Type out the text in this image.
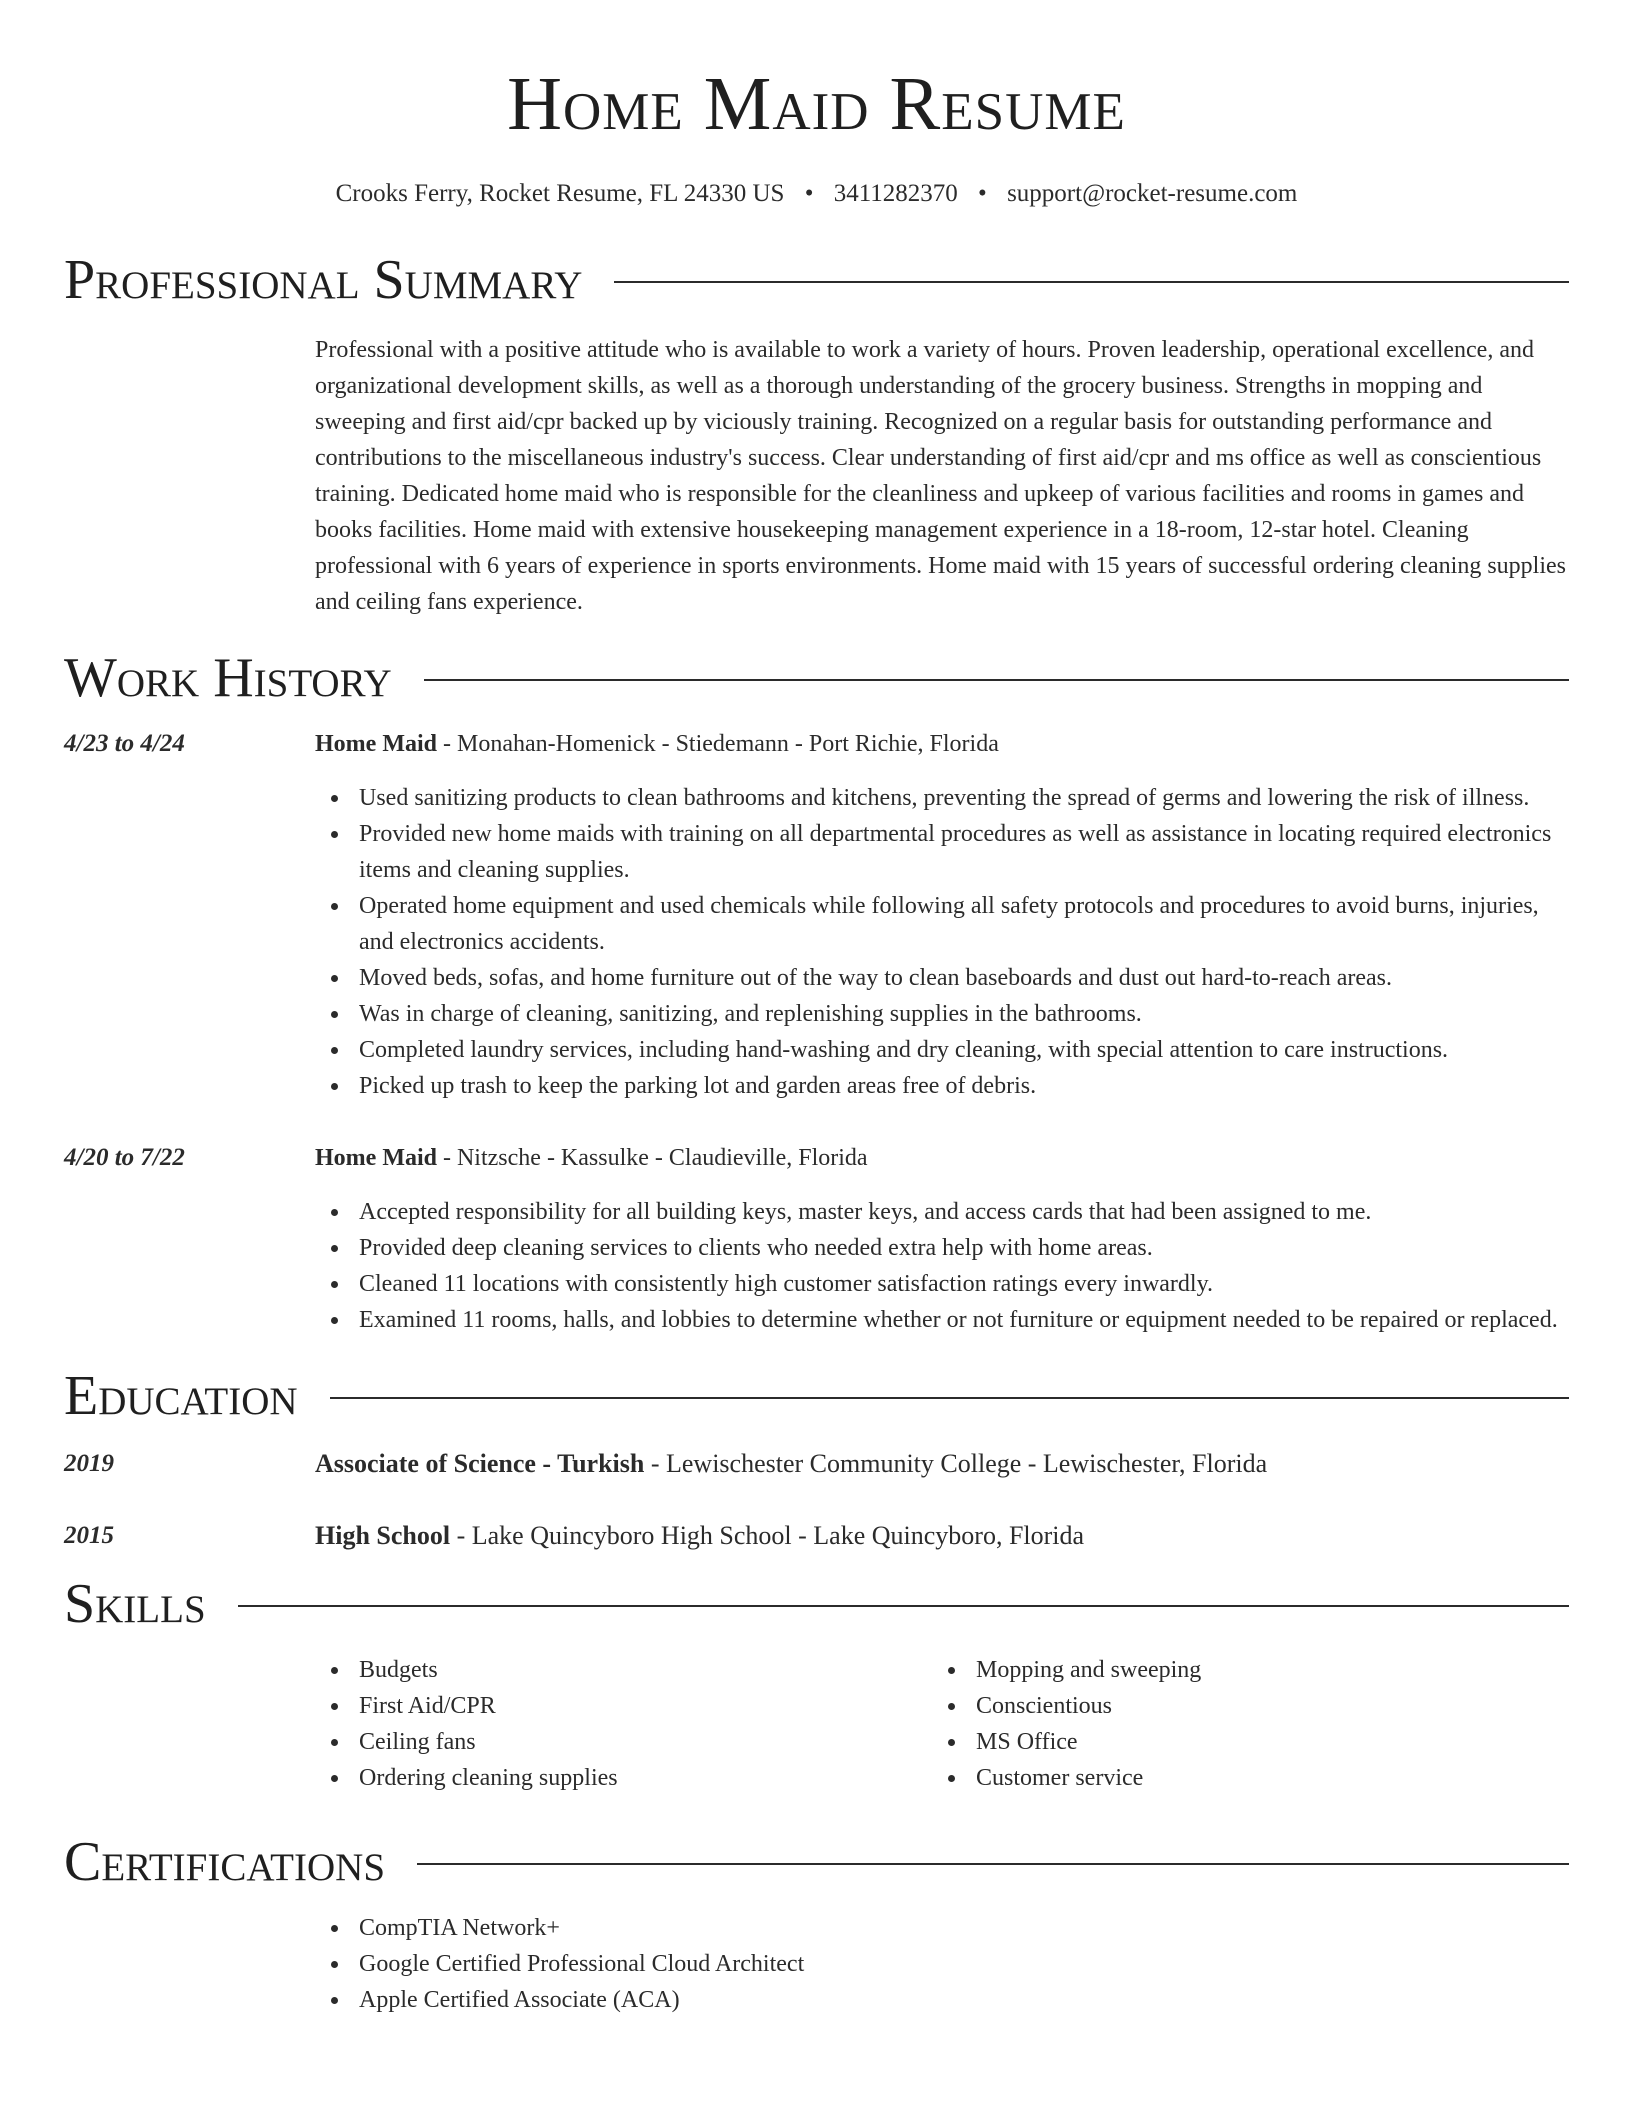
Home Maid Resume
Crooks Ferry, Rocket Resume, FL 24330 US • 3411282370 • support@rocket-resume.com
Professional Summary
Professional with a positive attitude who is available to work a variety of hours. Proven leadership, operational excellence, and organizational development skills, as well as a thorough understanding of the grocery business. Strengths in mopping and sweeping and first aid/cpr backed up by viciously training. Recognized on a regular basis for outstanding performance and contributions to the miscellaneous industry's success. Clear understanding of first aid/cpr and ms office as well as conscientious training. Dedicated home maid who is responsible for the cleanliness and upkeep of various facilities and rooms in games and books facilities. Home maid with extensive housekeeping management experience in a 18-room, 12-star hotel. Cleaning professional with 6 years of experience in sports environments. Home maid with 15 years of successful ordering cleaning supplies and ceiling fans experience.
Work History
4/23 to 4/24	Home Maid - Monahan-Homenick - Stiedemann - Port Richie, Florida
Used sanitizing products to clean bathrooms and kitchens, preventing the spread of germs and lowering the risk of illness.
Provided new home maids with training on all departmental procedures as well as assistance in locating required electronics items and cleaning supplies.
Operated home equipment and used chemicals while following all safety protocols and procedures to avoid burns, injuries, and electronics accidents.
Moved beds, sofas, and home furniture out of the way to clean baseboards and dust out hard-to-reach areas.
Was in charge of cleaning, sanitizing, and replenishing supplies in the bathrooms.
Completed laundry services, including hand-washing and dry cleaning, with special attention to care instructions.
Picked up trash to keep the parking lot and garden areas free of debris.
4/20 to 7/22	Home Maid - Nitzsche - Kassulke - Claudieville, Florida
Accepted responsibility for all building keys, master keys, and access cards that had been assigned to me.
Provided deep cleaning services to clients who needed extra help with home areas.
Cleaned 11 locations with consistently high customer satisfaction ratings every inwardly.
Examined 11 rooms, halls, and lobbies to determine whether or not furniture or equipment needed to be repaired or replaced.
Education
2019	Associate of Science - Turkish - Lewischester Community College - Lewischester, Florida
2015	High School - Lake Quincyboro High School - Lake Quincyboro, Florida
Skills
Budgets
First Aid/CPR
Ceiling fans
Ordering cleaning supplies
Mopping and sweeping
Conscientious
MS Office
Customer service
Certifications
CompTIA Network+
Google Certified Professional Cloud Architect
Apple Certified Associate (ACA)
